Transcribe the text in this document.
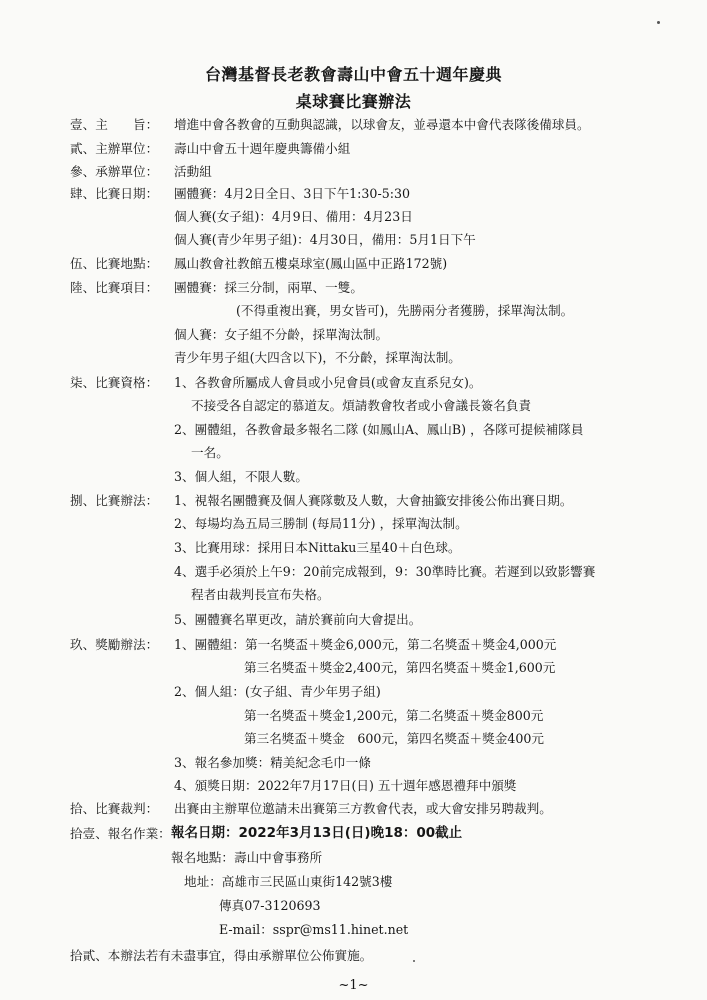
台灣基督長老教會壽山中會五十週年慶典
桌球賽比賽辦法
壹、主　　旨： 增進中會各教會的互動與認識，以球會友，並尋還本中會代表隊後備球員。
貳、主辦單位： 壽山中會五十週年慶典籌備小組
參、承辦單位： 活動組
肆、比賽日期： 團體賽：4月2日全日、3日下午1:30-5:30
個人賽(女子組)：4月9日、備用：4月23日
個人賽(青少年男子組)：4月30日，備用：5月1日下午
伍、比賽地點： 鳳山教會社教館五樓桌球室(鳳山區中正路172號)
陸、比賽項目： 團體賽：採三分制，兩單、一雙。
(不得重複出賽，男女皆可)，先勝兩分者獲勝，採單淘汰制。
個人賽：女子組不分齡，採單淘汰制。
青少年男子組(大四含以下)，不分齡，採單淘汰制。
柒、比賽資格： 1、各教會所屬成人會員或小兒會員(或會友直系兒女)。
不接受各自認定的慕道友。煩請教會牧者或小會議長簽名負責
2、團體組，各教會最多報名二隊 (如鳳山A、鳳山B) ，各隊可提候補隊員
一名。
3、個人組，不限人數。
捌、比賽辦法： 1、視報名團體賽及個人賽隊數及人數，大會抽籤安排後公佈出賽日期。
2、每場均為五局三勝制 (每局11分) ，採單淘汰制。
3、比賽用球：採用日本Nittaku三星40＋白色球。
4、選手必須於上午9：20前完成報到，9：30準時比賽。若遲到以致影響賽
程者由裁判長宣布失格。
5、團體賽名單更改，請於賽前向大會提出。
玖、獎勵辦法： 1、團體組：第一名獎盃＋獎金6,000元，第二名獎盃＋獎金4,000元
第三名獎盃＋獎金2,400元，第四名獎盃＋獎金1,600元
2、個人組：(女子組、青少年男子組)
第一名獎盃＋獎金1,200元，第二名獎盃＋獎金800元
第三名獎盃＋獎金　600元，第四名獎盃＋獎金400元
3、報名參加獎：精美紀念毛巾一條
4、頒獎日期：2022年7月17日(日) 五十週年感恩禮拜中頒獎
拾、比賽裁判： 出賽由主辦單位邀請未出賽第三方教會代表，或大會安排另聘裁判。
拾壹、報名作業： 報名日期：2022年3月13日(日)晚18：00截止
報名地點：壽山中會事務所
地址：高雄市三民區山東街142號3樓
傳真07-3120693
E-mail：sspr@ms11.hinet.net
拾貳、本辦法若有未盡事宜，得由承辦單位公佈實施。
~1~
